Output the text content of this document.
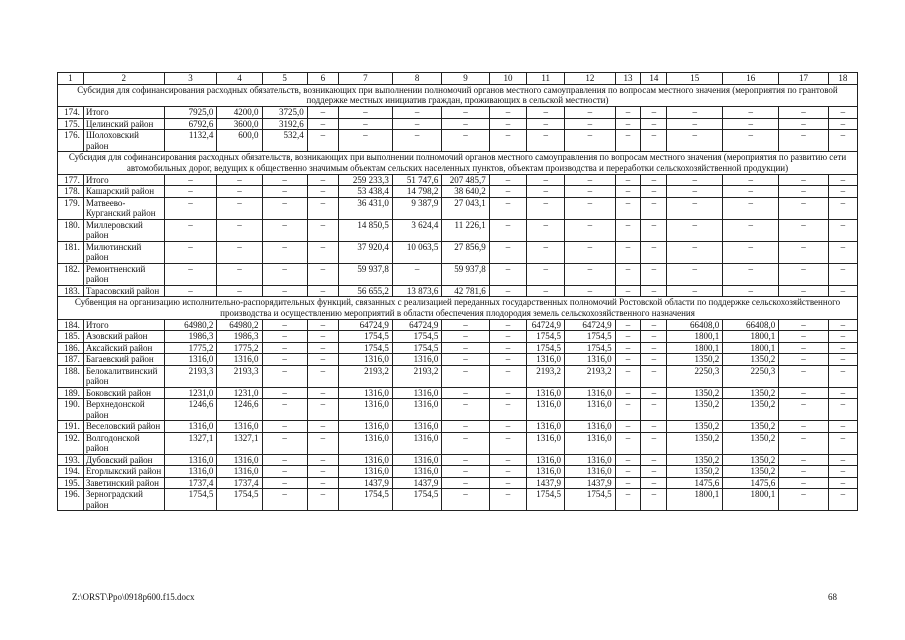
1	2	3	4	5	6	7	8	9	10	11	12	13	14	15	16	17	18
Субсидия для софинансирования расходных обязательств, возникающих при выполнении полномочий органов местного самоуправления по вопросам местного значения (мероприятия по грантовой поддержке местных инициатив граждан, проживающих в сельской местности)																	
174.	Итого	7925,0	4200,0	3725,0	–	–	–	–	–	–	–	–	–	–	–	–	–
175.	Целинский район	6792,6	3600,0	3192,6	–	–	–	–	–	–	–	–	–	–	–	–	–
176.	Шолоховский район	1132,4	600,0	532,4	–	–	–	–	–	–	–	–	–	–	–	–	–
Субсидия для софинансирования расходных обязательств, возникающих при выполнении полномочий органов местного самоуправления по вопросам местного значения (мероприятия по развитию сети автомобильных дорог, ведущих к общественно значимым объектам сельских населенных пунктов, объектам производства и переработки сельскохозяйственной продукции)																	
177.	Итого	–	–	–	–	259 233,3	51 747,6	207 485,7	–	–	–	–	–	–	–	–	–
178.	Кашарский район	–	–	–	–	53 438,4	14 798,2	38 640,2	–	–	–	–	–	–	–	–	–
179.	Матвеево-Курганский район	–	–	–	–	36 431,0	9 387,9	27 043,1	–	–	–	–	–	–	–	–	–
180.	Миллеровский район	–	–	–	–	14 850,5	3 624,4	11 226,1	–	–	–	–	–	–	–	–	–
181.	Милютинский район	–	–	–	–	37 920,4	10 063,5	27 856,9	–	–	–	–	–	–	–	–	–
182.	Ремонтненский район	–	–	–	–	59 937,8	–	59 937,8	–	–	–	–	–	–	–	–	–
183.	Тарасовский район	–	–	–	–	56 655,2	13 873,6	42 781,6	–	–	–	–	–	–	–	–	–
Субвенция на организацию исполнительно-распорядительных функций, связанных с реализацией переданных государственных полномочий Ростовской области по поддержке сельскохозяйственного производства и осуществлению мероприятий в области обеспечения плодородия земель сельскохозяйственного назначения																	
184.	Итого	64980,2	64980,2	–	–	64724,9	64724,9	–	–	64724,9	64724,9	–	–	66408,0	66408,0	–	–
185.	Азовский район	1986,3	1986,3	–	–	1754,5	1754,5	–	–	1754,5	1754,5	–	–	1800,1	1800,1	–	–
186.	Аксайский район	1775,2	1775,2	–	–	1754,5	1754,5	–	–	1754,5	1754,5	–	–	1800,1	1800,1	–	–
187.	Багаевский район	1316,0	1316,0	–	–	1316,0	1316,0	–	–	1316,0	1316,0	–	–	1350,2	1350,2	–	–
188.	Белокалитвинский район	2193,3	2193,3	–	–	2193,2	2193,2	–	–	2193,2	2193,2	–	–	2250,3	2250,3	–	–
189.	Боковский район	1231,0	1231,0	–	–	1316,0	1316,0	–	–	1316,0	1316,0	–	–	1350,2	1350,2	–	–
190.	Верхнедонской район	1246,6	1246,6	–	–	1316,0	1316,0	–	–	1316,0	1316,0	–	–	1350,2	1350,2	–	–
191.	Веселовский район	1316,0	1316,0	–	–	1316,0	1316,0	–	–	1316,0	1316,0	–	–	1350,2	1350,2	–	–
192.	Волгодонской район	1327,1	1327,1	–	–	1316,0	1316,0	–	–	1316,0	1316,0	–	–	1350,2	1350,2	–	–
193.	Дубовский район	1316,0	1316,0	–	–	1316,0	1316,0	–	–	1316,0	1316,0	–	–	1350,2	1350,2	–	–
194.	Егорлыкский район	1316,0	1316,0	–	–	1316,0	1316,0	–	–	1316,0	1316,0	–	–	1350,2	1350,2	–	–
195.	Заветинский район	1737,4	1737,4	–	–	1437,9	1437,9	–	–	1437,9	1437,9	–	–	1475,6	1475,6	–	–
196.	Зерноградский район	1754,5	1754,5	–	–	1754,5	1754,5	–	–	1754,5	1754,5	–	–	1800,1	1800,1	–	–
Z:\ORST\Ppo\0918p600.f15.docx	68
